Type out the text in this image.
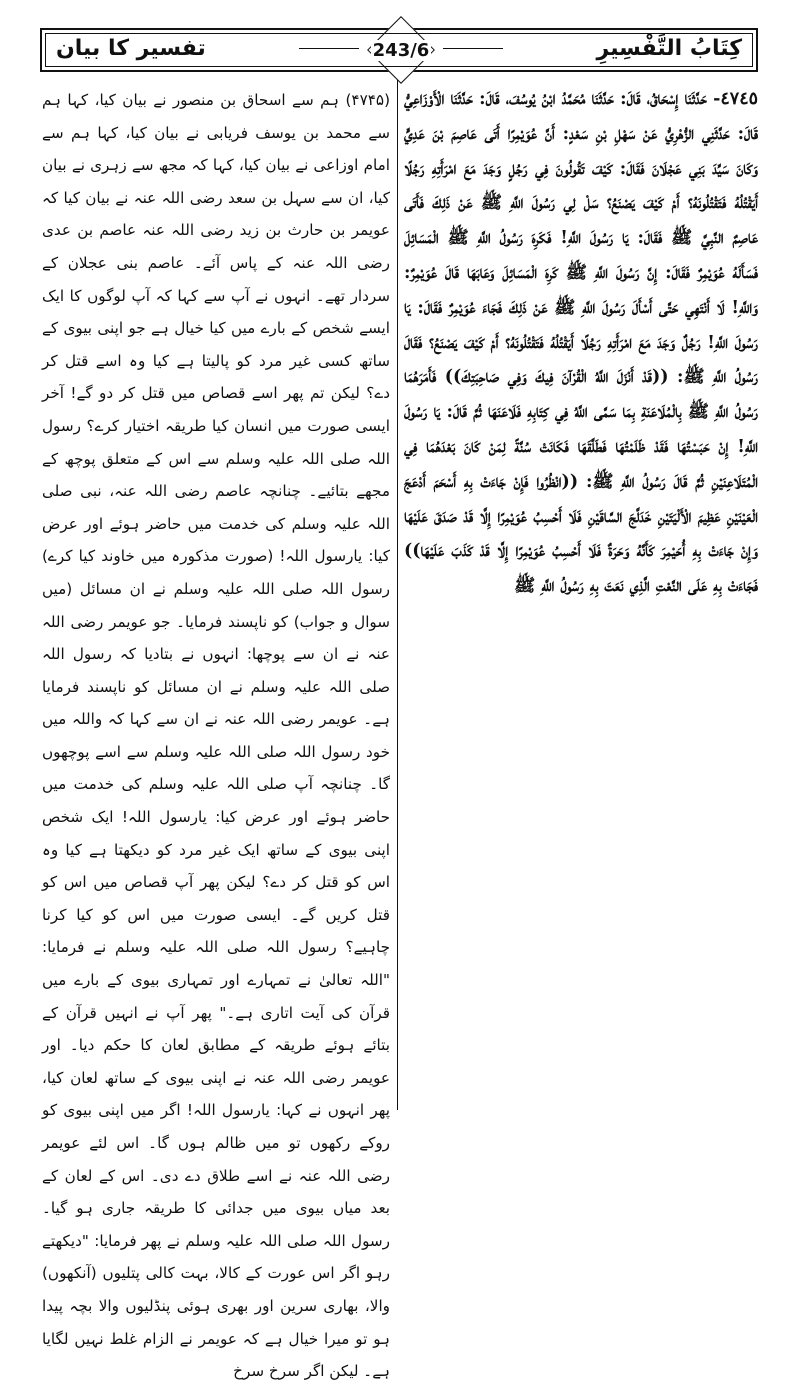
تفسیر کا بیان	243/6	كِتَابُ التَّفْسِيرِ

٤٧٤٥- حَدَّثَنَا إِسْحَاقُ، قَالَ: حَدَّثَنَا مُحَمَّدُ ابْنُ يُوسُفَ، قَالَ: حَدَّثَنَا الْأَوْزَاعِيُّ قَالَ: حَدَّثَنِي الزُّهْرِيُّ عَنْ سَهْلِ بْنِ سَعْدٍ: أَنَّ عُوَيْمِرًا أَتَى عَاصِمَ بْنَ عَدِيٍّ وَكَانَ سَيِّدَ بَنِي عَجْلَانَ فَقَالَ: كَيْفَ تَقُولُونَ فِي رَجُلٍ وَجَدَ مَعَ امْرَأَتِهِ رَجُلًا أَيَقْتُلُهُ فَتَقْتُلُونَهُ؟ أَمْ كَيْفَ يَصْنَعُ؟ سَلْ لِي رَسُولَ اللَّهِ ﷺ عَنْ ذَلِكَ فَأَتَى عَاصِمٌ النَّبِيَّ ﷺ فَقَالَ: يَا رَسُولَ اللَّهِ! فَكَرِهَ رَسُولُ اللَّهِ ﷺ الْمَسَائِلَ فَسَأَلَهُ عُوَيْمِرٌ فَقَالَ: إِنَّ رَسُولَ اللَّهِ ﷺ كَرِهَ الْمَسَائِلَ وَعَابَهَا قَالَ عُوَيْمِرٌ: وَاللَّهِ! لَا أَنْتَهِي حَتَّى أَسْأَلَ رَسُولَ اللَّهِ ﷺ عَنْ ذَلِكَ فَجَاءَ عُوَيْمِرٌ فَقَالَ: يَا رَسُولَ اللَّهِ! رَجُلٌ وَجَدَ مَعَ امْرَأَتِهِ رَجُلًا أَيَقْتُلُهُ فَتَقْتُلُونَهُ؟ أَمْ كَيْفَ يَصْنَعُ؟ فَقَالَ رَسُولُ اللَّهِ ﷺ: ((قَدْ أَنْزَلَ اللَّهُ الْقُرْآنَ فِيكَ وَفِي صَاحِبَتِكَ)) فَأَمَرَهُمَا رَسُولُ اللَّهِ ﷺ بِالْمُلَاعَنَةِ بِمَا سَمَّى اللَّهُ فِي كِتَابِهِ فَلَاعَنَهَا ثُمَّ قَالَ: يَا رَسُولَ اللَّهِ! إِنْ حَبَسْتُهَا فَقَدْ ظَلَمْتُهَا فَطَلَّقَهَا فَكَانَتْ سُنَّةً لِمَنْ كَانَ بَعْدَهُمَا فِي الْمُتَلَاعِنَيْنِ ثُمَّ قَالَ رَسُولُ اللَّهِ ﷺ: ((انْظُرُوا فَإِنْ جَاءَتْ بِهِ أَسْحَمَ أَدْعَجَ الْعَيْنَيْنِ عَظِيمَ الْأَلْيَتَيْنِ خَدَلَّجَ السَّاقَيْنِ فَلَا أَحْسِبُ عُوَيْمِرًا إِلَّا قَدْ صَدَقَ عَلَيْهَا وَإِنْ جَاءَتْ بِهِ أُحَيْمِرَ كَأَنَّهُ وَحَرَةٌ فَلَا أَحْسِبُ عُوَيْمِرًا إِلَّا قَدْ كَذَبَ عَلَيْهَا)) فَجَاءَتْ بِهِ عَلَى النَّعْتِ الَّذِي نَعَتَ بِهِ رَسُولُ اللَّهِ ﷺ

(۴۷۴۵) ہم سے اسحاق بن منصور نے بیان کیا، کہا ہم سے محمد بن یوسف فریابی نے بیان کیا، کہا ہم سے امام اوزاعی نے بیان کیا، کہا کہ مجھ سے زہری نے بیان کیا، ان سے سہل بن سعد رضی اللہ عنہ نے بیان کیا کہ عویمر بن حارث بن زید رضی اللہ عنہ عاصم بن عدی رضی اللہ عنہ کے پاس آئے۔ عاصم بنی عجلان کے سردار تھے۔ انہوں نے آپ سے کہا کہ آپ لوگوں کا ایک ایسے شخص کے بارے میں کیا خیال ہے جو اپنی بیوی کے ساتھ کسی غیر مرد کو پالیتا ہے کیا وہ اسے قتل کر دے؟ لیکن تم پھر اسے قصاص میں قتل کر دو گے! آخر ایسی صورت میں انسان کیا طریقہ اختیار کرے؟ رسول اللہ صلی اللہ علیہ وسلم سے اس کے متعلق پوچھ کے مجھے بتائیے۔ چنانچہ عاصم رضی اللہ عنہ، نبی صلی اللہ علیہ وسلم کی خدمت میں حاضر ہوئے اور عرض کیا: یارسول اللہ! (صورت مذکورہ میں خاوند کیا کرے) رسول اللہ صلی اللہ علیہ وسلم نے ان مسائل (میں سوال و جواب) کو ناپسند فرمایا۔ جو عویمر رضی اللہ عنہ نے ان سے پوچھا: انہوں نے بتادیا کہ رسول اللہ صلی اللہ علیہ وسلم نے ان مسائل کو ناپسند فرمایا ہے۔ عویمر رضی اللہ عنہ نے ان سے کہا کہ واللہ میں خود رسول اللہ صلی اللہ علیہ وسلم سے اسے پوچھوں گا۔ چنانچہ آپ صلی اللہ علیہ وسلم کی خدمت میں حاضر ہوئے اور عرض کیا: یارسول اللہ! ایک شخص اپنی بیوی کے ساتھ ایک غیر مرد کو دیکھتا ہے کیا وہ اس کو قتل کر دے؟ لیکن پھر آپ قصاص میں اس کو قتل کریں گے۔ ایسی صورت میں اس کو کیا کرنا چاہیے؟ رسول اللہ صلی اللہ علیہ وسلم نے فرمایا: "اللہ تعالیٰ نے تمہارے اور تمہاری بیوی کے بارے میں قرآن کی آیت اتاری ہے۔" پھر آپ نے انہیں قرآن کے بتائے ہوئے طریقہ کے مطابق لعان کا حکم دیا۔ اور عویمر رضی اللہ عنہ نے اپنی بیوی کے ساتھ لعان کیا، پھر انہوں نے کہا: یارسول اللہ! اگر میں اپنی بیوی کو روکے رکھوں تو میں ظالم ہوں گا۔ اس لئے عویمر رضی اللہ عنہ نے اسے طلاق دے دی۔ اس کے لعان کے بعد میاں بیوی میں جدائی کا طریقہ جاری ہو گیا۔ رسول اللہ صلی اللہ علیہ وسلم نے پھر فرمایا: "دیکھتے رہو اگر اس عورت کے کالا، بہت کالی پتلیوں (آنکھوں) والا، بھاری سرین اور بھری ہوئی پنڈلیوں والا بچہ پیدا ہو تو میرا خیال ہے کہ عویمر نے الزام غلط نہیں لگایا ہے۔ لیکن اگر سرخ سرخ
